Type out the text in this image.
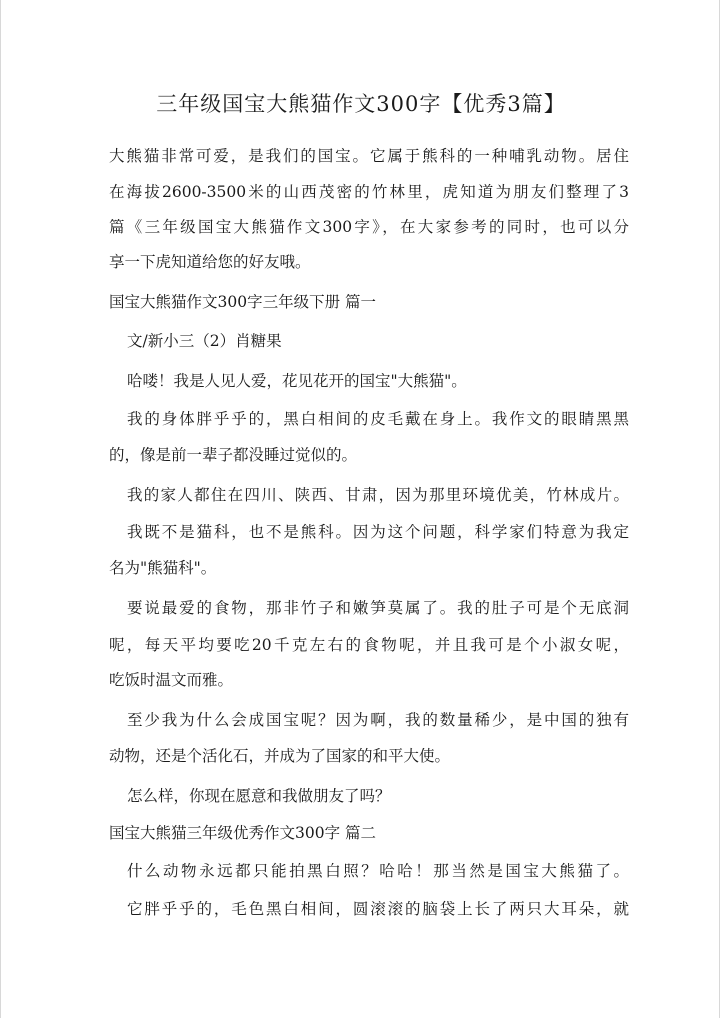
三年级国宝大熊猫作文300字【优秀3篇】
大熊猫非常可爱，是我们的国宝。它属于熊科的一种哺乳动物。居住
在海拔2600-3500米的山西茂密的竹林里，虎知道为朋友们整理了3
篇《三年级国宝大熊猫作文300字》，在大家参考的同时，也可以分
享一下虎知道给您的好友哦。
国宝大熊猫作文300字三年级下册 篇一
文/新小三（2）肖糖果
哈喽！我是人见人爱，花见花开的国宝"大熊猫"。
我的身体胖乎乎的，黑白相间的皮毛戴在身上。我作文的眼睛黑黑
的，像是前一辈子都没睡过觉似的。
我的家人都住在四川、陕西、甘肃，因为那里环境优美，竹林成片。
我既不是猫科，也不是熊科。因为这个问题，科学家们特意为我定
名为"熊猫科"。
要说最爱的食物，那非竹子和嫩笋莫属了。我的肚子可是个无底洞
呢，每天平均要吃20千克左右的食物呢，并且我可是个小淑女呢，
吃饭时温文而雅。
至少我为什么会成国宝呢？因为啊，我的数量稀少，是中国的独有
动物，还是个活化石，并成为了国家的和平大使。
怎么样，你现在愿意和我做朋友了吗？
国宝大熊猫三年级优秀作文300字 篇二
什么动物永远都只能拍黑白照？哈哈！那当然是国宝大熊猫了。
它胖乎乎的，毛色黑白相间，圆滚滚的脑袋上长了两只大耳朵，就
